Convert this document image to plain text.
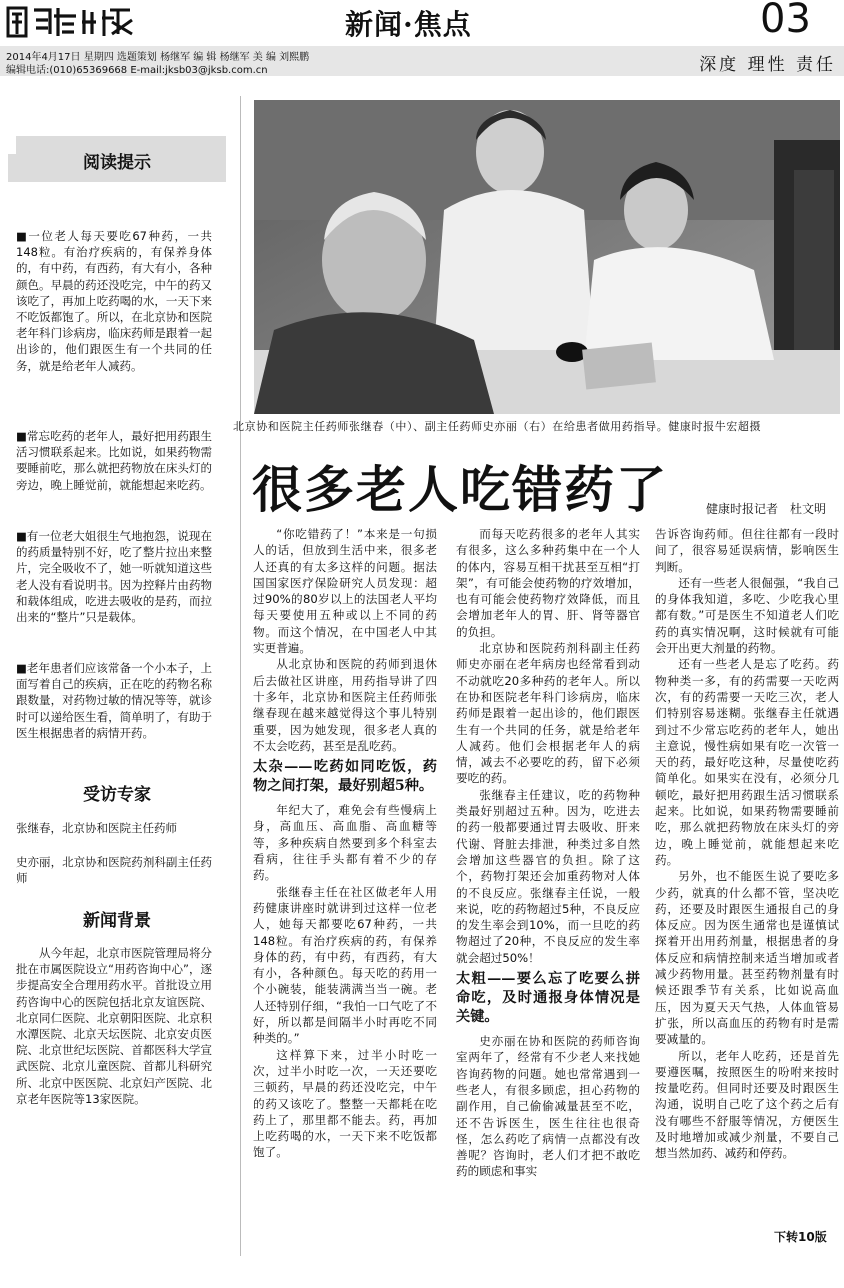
新闻·焦点	03
2014年4月17日 星期四 选题策划 杨继军 编 辑 杨继军 美 编 刘熙鹏
编辑电话:(010)65369668 E-mail:jksb03@jksb.com.cn	深度 理性 责任
阅读提示
■一位老人每天要吃67种药，一共148粒。有治疗疾病的，有保养身体的，有中药，有西药，有大有小，各种颜色。早晨的药还没吃完，中午的药又该吃了，再加上吃药喝的水，一天下来不吃饭都饱了。所以，在北京协和医院老年科门诊病房，临床药师是跟着一起出诊的，他们跟医生有一个共同的任务，就是给老年人减药。
■常忘吃药的老年人，最好把用药跟生活习惯联系起来。比如说，如果药物需要睡前吃，那么就把药物放在床头灯的旁边，晚上睡觉前，就能想起来吃药。
■有一位老大姐很生气地抱怨，说现在的药质量特别不好，吃了整片拉出来整片，完全吸收不了，她一听就知道这些老人没有看说明书。因为控释片由药物和载体组成，吃进去吸收的是药，而拉出来的“整片”只是载体。
■老年患者们应该常备一个小本子，上面写着自己的疾病，正在吃的药物名称跟数量，对药物过敏的情况等等，就诊时可以递给医生看，简单明了，有助于医生根据患者的病情开药。
受访专家
张继春，北京协和医院主任药师
史亦丽，北京协和医院药剂科副主任药师
新闻背景
从今年起，北京市医院管理局将分批在市属医院设立“用药咨询中心”，逐步提高安全合理用药水平。首批设立用药咨询中心的医院包括北京友谊医院、北京同仁医院、北京朝阳医院、北京积水潭医院、北京天坛医院、北京安贞医院、北京世纪坛医院、首都医科大学宣武医院、北京儿童医院、首都儿科研究所、北京中医医院、北京妇产医院、北京老年医院等13家医院。
北京协和医院主任药师张继春（中）、副主任药师史亦丽（右）在给患者做用药指导。健康时报牛宏超摄
很多老人吃错药了	健康时报记者　杜文明

“你吃错药了！”本来是一句损人的话，但放到生活中来，很多老人还真的有太多这样的问题。据法国国家医疗保险研究人员发现：超过90%的80岁以上的法国老人平均每天要使用五种或以上不同的药物。而这个情况，在中国老人中其实更普遍。

从北京协和医院的药师到退休后去做社区讲座，用药指导讲了四十多年，北京协和医院主任药师张继春现在越来越觉得这个事儿特别重要，因为她发现，很多老人真的不太会吃药，甚至是乱吃药。

太杂——吃药如同吃饭，药物之间打架，最好别超5种。

年纪大了，难免会有些慢病上身，高血压、高血脂、高血糖等等，多种疾病自然要到多个科室去看病，往往手头都有着不少的存药。

张继春主任在社区做老年人用药健康讲座时就讲到过这样一位老人，她每天都要吃67种药，一共148粒。有治疗疾病的药，有保养身体的药，有中药，有西药，有大有小，各种颜色。每天吃的药用一个小碗装，能装满满当当一碗。老人还特别仔细，“我怕一口气吃了不好，所以都是间隔半小时再吃不同种类的。”

这样算下来，过半小时吃一次，过半小时吃一次，一天还要吃三顿药，早晨的药还没吃完，中午的药又该吃了。整整一天都耗在吃药上了，那里都不能去。药，再加上吃药喝的水，一天下来不吃饭都饱了。

而每天吃药很多的老年人其实有很多，这么多种药集中在一个人的体内，容易互相干扰甚至互相“打架”，有可能会使药物的疗效增加，也有可能会使药物疗效降低，而且会增加老年人的胃、肝、肾等器官的负担。

北京协和医院药剂科副主任药师史亦丽在老年病房也经常看到动不动就吃20多种药的老年人。所以在协和医院老年科门诊病房，临床药师是跟着一起出诊的，他们跟医生有一个共同的任务，就是给老年人减药。他们会根据老年人的病情，减去不必要吃的药，留下必须要吃的药。

张继春主任建议，吃的药物种类最好别超过五种。因为，吃进去的药一般都要通过胃去吸收、肝来代谢、肾脏去排泄，种类过多自然会增加这些器官的负担。除了这个，药物打架还会加重药物对人体的不良反应。张继春主任说，一般来说，吃的药物超过5种，不良反应的发生率会到10%，而一旦吃的药物超过了20种，不良反应的发生率就会超过50%！

太粗——要么忘了吃要么拼命吃，及时通报身体情况是关键。

史亦丽在协和医院的药师咨询室两年了，经常有不少老人来找她咨询药物的问题。她也常常遇到一些老人，有很多顾虑，担心药物的副作用，自己偷偷减量甚至不吃，还不告诉医生，医生往往也很奇怪，怎么药吃了病情一点都没有改善呢？咨询时，老人们才把不敢吃药的顾虑和事实

告诉咨询药师。但往往都有一段时间了，很容易延误病情，影响医生判断。

还有一些老人很倔强，“我自己的身体我知道，多吃、少吃我心里都有数。”可是医生不知道老人们吃药的真实情况啊，这时候就有可能会开出更大剂量的药物。

还有一些老人是忘了吃药。药物种类一多，有的药需要一天吃两次，有的药需要一天吃三次，老人们特别容易迷糊。张继春主任就遇到过不少常忘吃药的老年人，她出主意说，慢性病如果有吃一次管一天的药，最好吃这种，尽量使吃药简单化。如果实在没有，必须分几顿吃，最好把用药跟生活习惯联系起来。比如说，如果药物需要睡前吃，那么就把药物放在床头灯的旁边，晚上睡觉前，就能想起来吃药。

另外，也不能医生说了要吃多少药，就真的什么都不管，坚决吃药，还要及时跟医生通报自己的身体反应。因为医生通常也是谨慎试探着开出用药剂量，根据患者的身体反应和病情控制来适当增加或者减少药物用量。甚至药物剂量有时候还跟季节有关系，比如说高血压，因为夏天天气热，人体血管易扩张，所以高血压的药物有时是需要减量的。

所以，老年人吃药，还是首先要遵医嘱，按照医生的吩咐来按时按量吃药。但同时还要及时跟医生沟通，说明自己吃了这个药之后有没有哪些不舒服等情况，方便医生及时地增加或减少剂量，不要自己想当然加药、减药和停药。

下转10版
